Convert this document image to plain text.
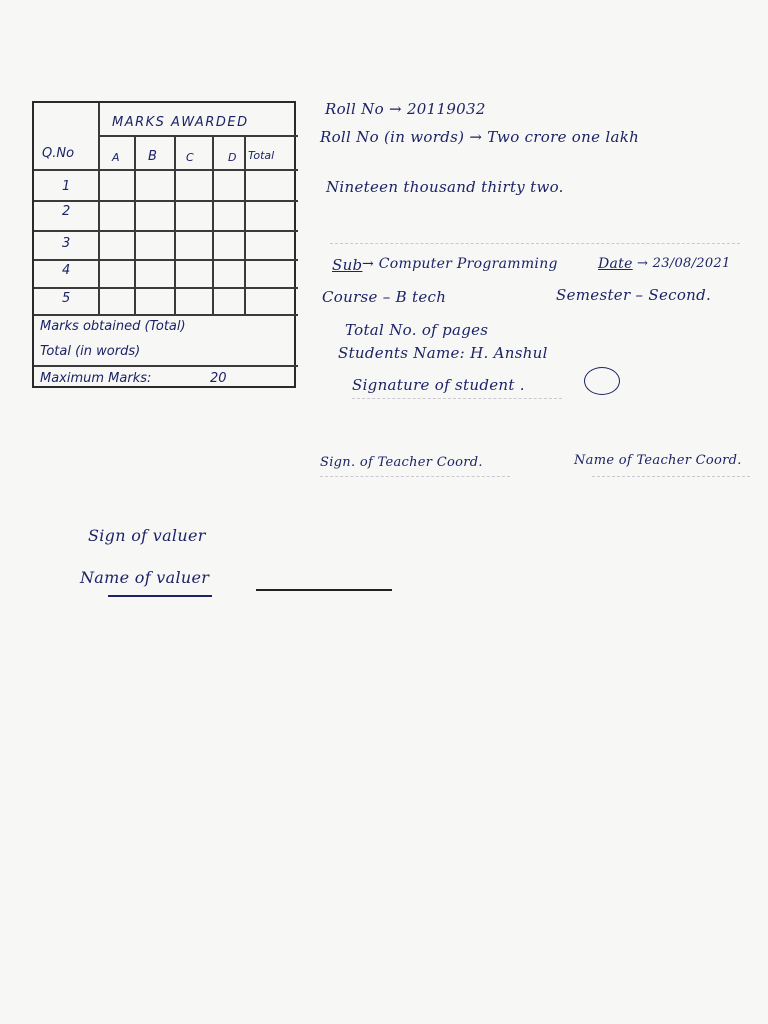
MARKS AWARDED
Q.No	A B	C	D Total
1
2
3
4
5
Marks obtained (Total)
Total (in words)
Maximum Marks:	20
Roll No → 20119032
Roll No (in words) → Two crore one lakh
Nineteen thousand thirty two.
Sub → Computer Programming	Date → 23/08/2021
Course – B tech	Semester – Second.
Total No. of pages
Students Name: H. Anshul
Signature of student .
Sign. of Teacher Coord.	Name of Teacher Coord.
Sign of valuer
Name of valuer
